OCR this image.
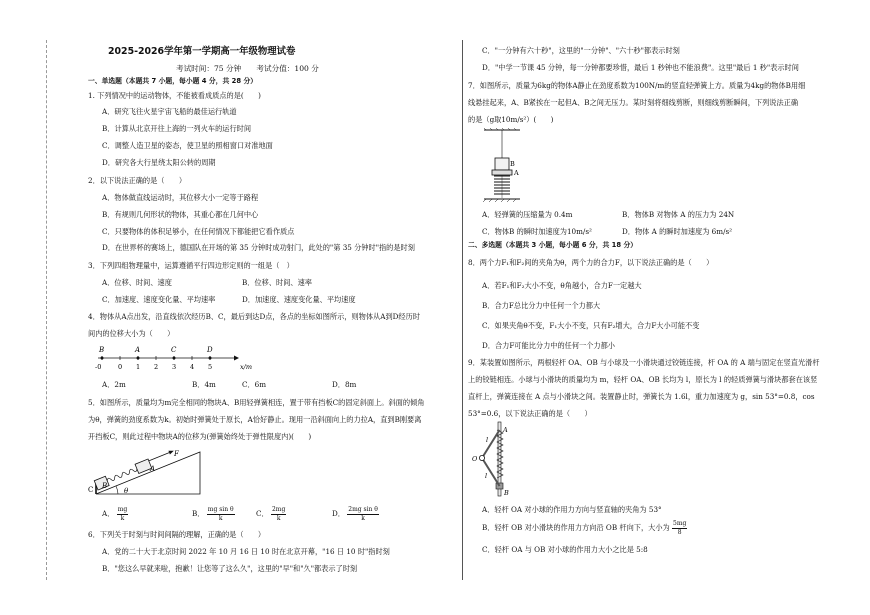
2025-2026学年第一学期高一年级物理试卷
考试时间：75 分钟　　考试分值：100 分
一、单选题（本题共 7 小题，每小题 4 分，共 28 分）
1. 下列情况中的运动物体，不能被看成质点的是(　　)
A．研究飞往火星宇宙飞船的最佳运行轨道
B．计算从北京开往上海的一列火车的运行时间
C．调整人造卫星的姿态，使卫星的照相窗口对准地面
D．研究各大行星绕太阳公转的周期
2．以下说法正确的是（　　）
A．物体做直线运动时，其位移大小一定等于路程
B．有规则几何形状的物体，其重心都在几何中心
C．只要物体的体积足够小，在任何情况下都能把它看作质点
D．在世界杯的赛场上，德国队在开场的第 35 分钟时成功射门，此处的"第 35 分钟时"指的是时刻
3．下列四组物理量中，运算遵循平行四边形定则的一组是（　）
A．位移、时间、速度	B．位移、时间、速率
C．加速度、速度变化量、平均速率	D．加速度、速度变化量、平均速度
4．物体从A点出发，沿直线依次经历B、C，最后到达D点，各点的坐标如图所示，则物体从A到D经历时
间内的位移大小为（　　）
B	A	C	D
-0	0 1 2 3 4 5	x/m
A．2m	B．4m	C．6m	D．8m
5．如图所示，质量均为m完全相同的物块A、B用轻弹簧相连，置于带有挡板C的固定斜面上。斜面的倾角
为θ，弹簧的劲度系数为k。初始时弹簧处于原长，A恰好静止。现用一沿斜面向上的力拉A，直到B刚要离
开挡板C，则此过程中物块A的位移为(弹簧始终处于弹性限度内)(　　)
C B
A
F
θ
A． $\frac{mg}{k}$	B． $\frac{\text{mg sin θ}}{k}$	C． $\frac{2mg}{k}$	D． $\frac{\text{2mg sin θ}}{k}$
6．下列关于时刻与时间间隔的理解，正确的是（　　）
A．党的二十大于北京时间 2022 年 10 月 16 日 10 时在北京开幕，"16 日 10 时"指时刻
B．"您这么早就来啦，抱歉！让您等了这么久"，这里的"早"和"久"都表示了时刻
C．"一分钟有六十秒"，这里的"一分钟"、"六十秒"都表示时刻
D．"中学一节课 45 分钟，每一分钟都要珍惜，最后 1 秒钟也不能浪费"。这里"最后 1 秒"表示时间
7．如图所示，质量为6kg的物体A静止在劲度系数为100N/m的竖直轻弹簧上方。质量为4kg的物体B用细
线悬挂起来，A、B紧挨在一起但A、B之间无压力。某时刻将细线剪断，则细线剪断瞬间，下列说法正确
的是（g取10m/s²）(　　)
B
A
A．轻弹簧的压缩量为 0.4m	B．物体B 对物体 A 的压力为 24N
C．物体B 的瞬时加速度为10m/s²	D．物体 A 的瞬时加速度为 6m/s²
二、多选题（本题共 3 小题，每小题 6 分，共 18 分）
8．两个力F₁和F₂间的夹角为θ，两个力的合力F，以下说法正确的是（　　）
A．若F₁和F₂大小不变，θ角越小，合力F一定越大
B．合力F总比分力中任何一个力都大
C．如果夹角θ不变，F₁大小不变，只有F₂增大，合力F大小可能不变
D．合力F可能比分力中的任何一个力都小
9．某装置如图所示，两根轻杆 OA、OB 与小球及一小滑块通过铰链连接，杆 OA 的 A 端与固定在竖直光滑杆
上的铰链相连。小球与小滑块的质量均为 m，轻杆 OA、OB 长均为 l，原长为 l 的轻质弹簧与滑块都套在该竖
直杆上，弹簧连接在 A 点与小滑块之间。装置静止时，弹簧长为 1.6l，重力加速度为 g，sin 53°=0.8，cos
53°=0.6，以下说法正确的是（　　）
A
B
O
l
l
A．轻杆 OA 对小球的作用力方向与竖直轴的夹角为 53°
B．轻杆 OB 对小滑块的作用力方向沿 OB 杆向下，大小为 $\frac{5mg}{8}$
C．轻杆 OA 与 OB 对小球的作用力大小之比是 5:8
